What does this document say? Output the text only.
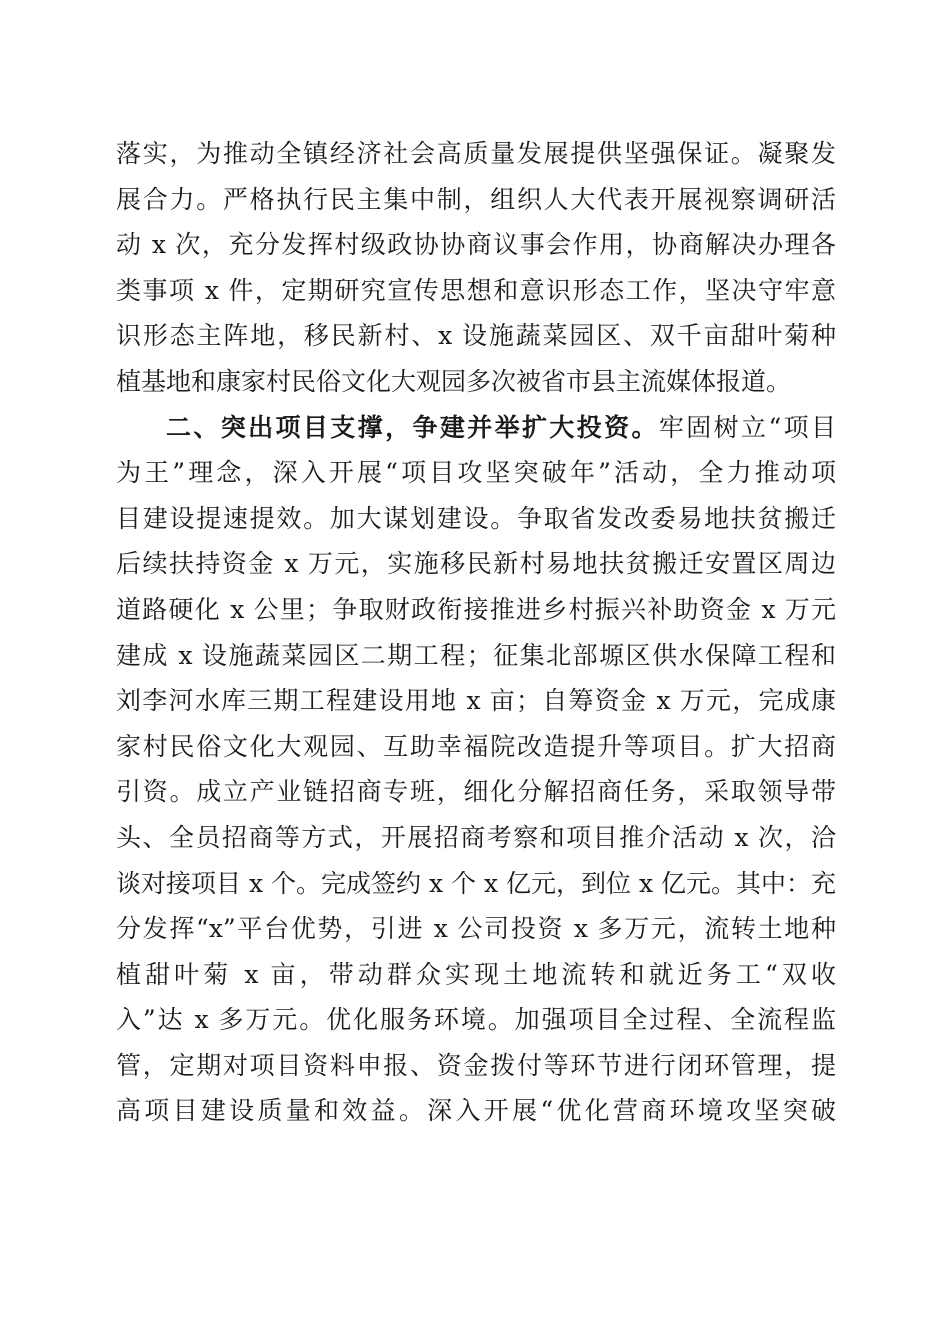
落实，为推动全镇经济社会高质量发展提供坚强保证。凝聚发
展合力。严格执行民主集中制，组织人大代表开展视察调研活
动 x 次，充分发挥村级政协协商议事会作用，协商解决办理各
类事项 x 件，定期研究宣传思想和意识形态工作，坚决守牢意
识形态主阵地，移民新村、x 设施蔬菜园区、双千亩甜叶菊种
植基地和康家村民俗文化大观园多次被省市县主流媒体报道。
二、突出项目支撑，争建并举扩大投资。牢固树立“项目
为王”理念，深入开展“项目攻坚突破年”活动，全力推动项
目建设提速提效。加大谋划建设。争取省发改委易地扶贫搬迁
后续扶持资金 x 万元，实施移民新村易地扶贫搬迁安置区周边
道路硬化 x 公里；争取财政衔接推进乡村振兴补助资金 x 万元
建成 x 设施蔬菜园区二期工程；征集北部塬区供水保障工程和
刘李河水库三期工程建设用地 x 亩；自筹资金 x 万元，完成康
家村民俗文化大观园、互助幸福院改造提升等项目。扩大招商
引资。成立产业链招商专班，细化分解招商任务，采取领导带
头、全员招商等方式，开展招商考察和项目推介活动 x 次，洽
谈对接项目 x 个。完成签约 x 个 x 亿元，到位 x 亿元。其中：充
分发挥“x”平台优势，引进 x 公司投资 x 多万元，流转土地种
植甜叶菊 x 亩，带动群众实现土地流转和就近务工“双收
入”达 x 多万元。优化服务环境。加强项目全过程、全流程监
管，定期对项目资料申报、资金拨付等环节进行闭环管理，提
高项目建设质量和效益。深入开展“优化营商环境攻坚突破
